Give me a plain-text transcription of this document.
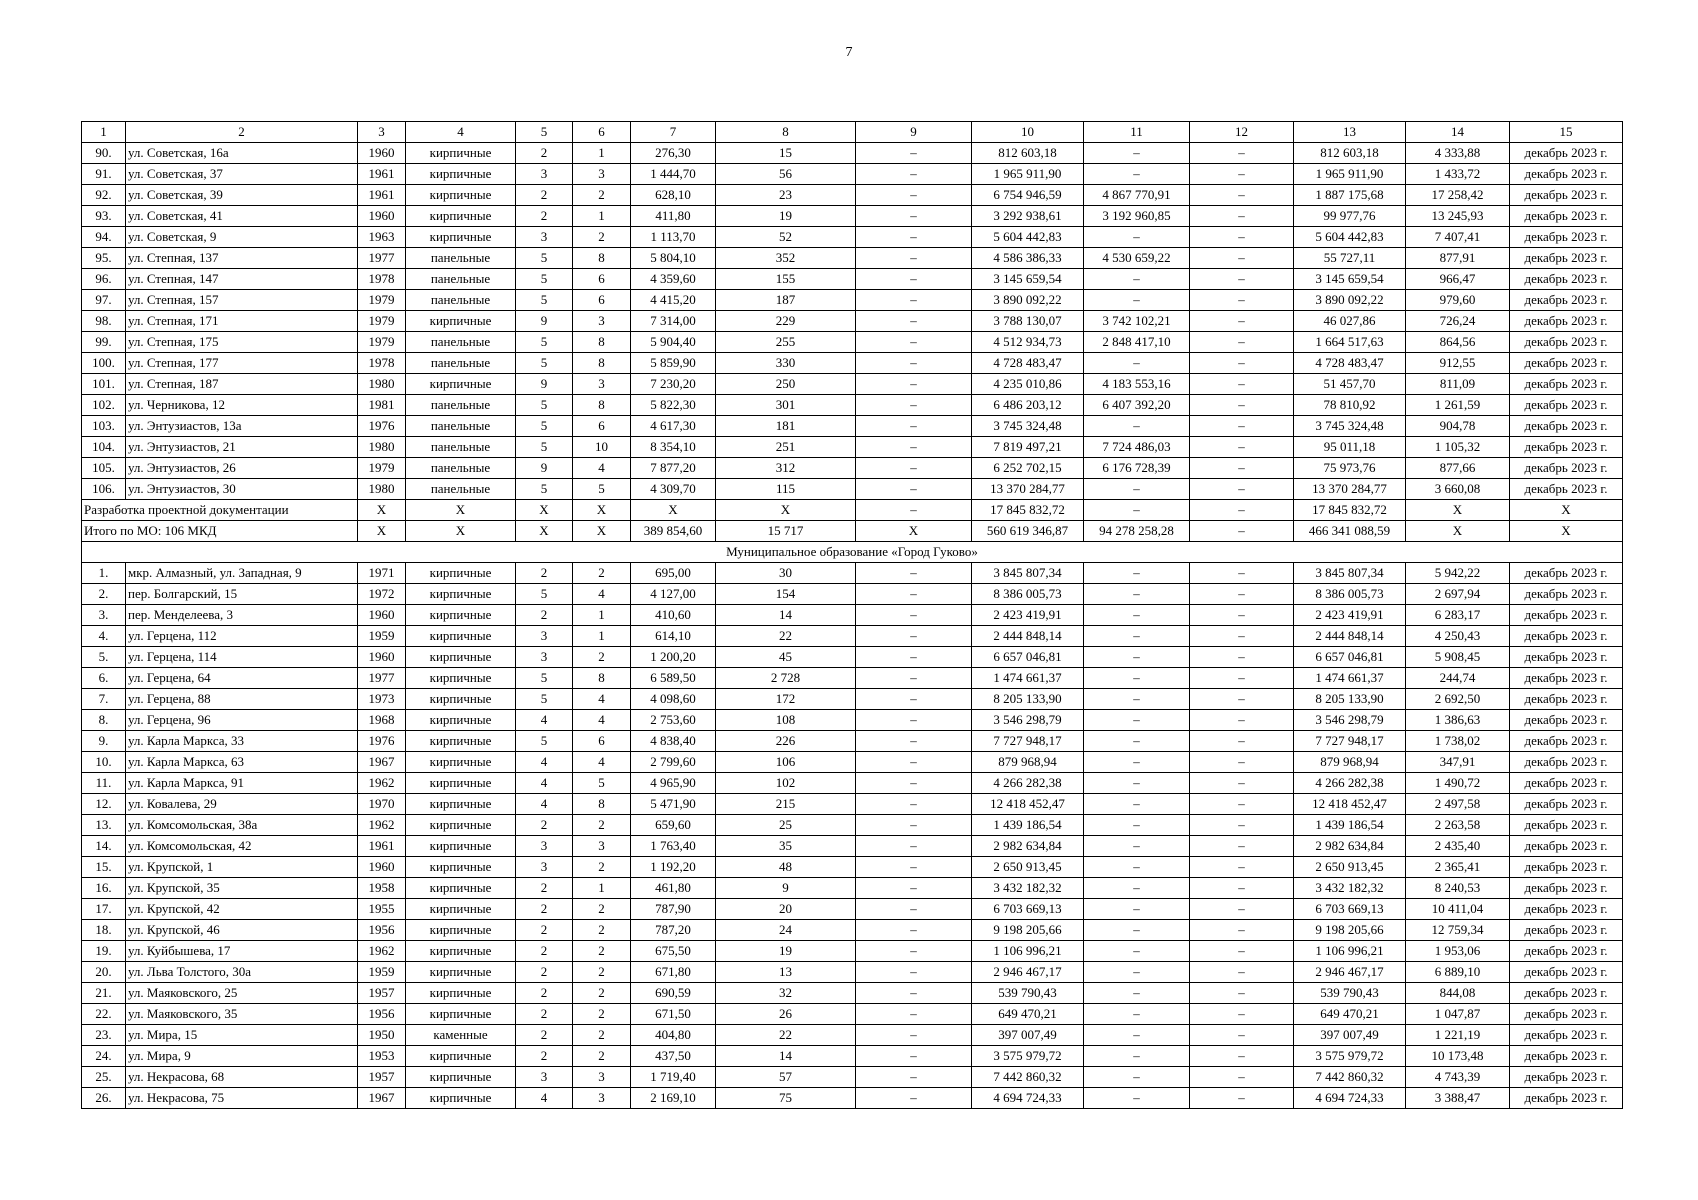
7
1	2	3	4	5	6	7	8	9	10	11	12	13	14	15
90.	ул. Советская, 16а	1960	кирпичные	2	1	276,30	15	–	812 603,18	–	–	812 603,18	4 333,88	декабрь 2023 г.
91.	ул. Советская, 37	1961	кирпичные	3	3	1 444,70	56	–	1 965 911,90	–	–	1 965 911,90	1 433,72	декабрь 2023 г.
92.	ул. Советская, 39	1961	кирпичные	2	2	628,10	23	–	6 754 946,59	4 867 770,91	–	1 887 175,68	17 258,42	декабрь 2023 г.
93.	ул. Советская, 41	1960	кирпичные	2	1	411,80	19	–	3 292 938,61	3 192 960,85	–	99 977,76	13 245,93	декабрь 2023 г.
94.	ул. Советская, 9	1963	кирпичные	3	2	1 113,70	52	–	5 604 442,83	–	–	5 604 442,83	7 407,41	декабрь 2023 г.
95.	ул. Степная, 137	1977	панельные	5	8	5 804,10	352	–	4 586 386,33	4 530 659,22	–	55 727,11	877,91	декабрь 2023 г.
96.	ул. Степная, 147	1978	панельные	5	6	4 359,60	155	–	3 145 659,54	–	–	3 145 659,54	966,47	декабрь 2023 г.
97.	ул. Степная, 157	1979	панельные	5	6	4 415,20	187	–	3 890 092,22	–	–	3 890 092,22	979,60	декабрь 2023 г.
98.	ул. Степная, 171	1979	кирпичные	9	3	7 314,00	229	–	3 788 130,07	3 742 102,21	–	46 027,86	726,24	декабрь 2023 г.
99.	ул. Степная, 175	1979	панельные	5	8	5 904,40	255	–	4 512 934,73	2 848 417,10	–	1 664 517,63	864,56	декабрь 2023 г.
100.	ул. Степная, 177	1978	панельные	5	8	5 859,90	330	–	4 728 483,47	–	–	4 728 483,47	912,55	декабрь 2023 г.
101.	ул. Степная, 187	1980	кирпичные	9	3	7 230,20	250	–	4 235 010,86	4 183 553,16	–	51 457,70	811,09	декабрь 2023 г.
102.	ул. Черникова, 12	1981	панельные	5	8	5 822,30	301	–	6 486 203,12	6 407 392,20	–	78 810,92	1 261,59	декабрь 2023 г.
103.	ул. Энтузиастов, 13а	1976	панельные	5	6	4 617,30	181	–	3 745 324,48	–	–	3 745 324,48	904,78	декабрь 2023 г.
104.	ул. Энтузиастов, 21	1980	панельные	5	10	8 354,10	251	–	7 819 497,21	7 724 486,03	–	95 011,18	1 105,32	декабрь 2023 г.
105.	ул. Энтузиастов, 26	1979	панельные	9	4	7 877,20	312	–	6 252 702,15	6 176 728,39	–	75 973,76	877,66	декабрь 2023 г.
106.	ул. Энтузиастов, 30	1980	панельные	5	5	4 309,70	115	–	13 370 284,77	–	–	13 370 284,77	3 660,08	декабрь 2023 г.
Разработка проектной документации		X	X	X	X	X	X	–	17 845 832,72	–	–	17 845 832,72	X	X
Итого по МО: 106 МКД		X	X	X	X	389 854,60	15 717	X	560 619 346,87	94 278 258,28	–	466 341 088,59	X	X
Муниципальное образование «Город Гуково»														
1.	мкр. Алмазный, ул. Западная, 9	1971	кирпичные	2	2	695,00	30	–	3 845 807,34	–	–	3 845 807,34	5 942,22	декабрь 2023 г.
2.	пер. Болгарский, 15	1972	кирпичные	5	4	4 127,00	154	–	8 386 005,73	–	–	8 386 005,73	2 697,94	декабрь 2023 г.
3.	пер. Менделеева, 3	1960	кирпичные	2	1	410,60	14	–	2 423 419,91	–	–	2 423 419,91	6 283,17	декабрь 2023 г.
4.	ул. Герцена, 112	1959	кирпичные	3	1	614,10	22	–	2 444 848,14	–	–	2 444 848,14	4 250,43	декабрь 2023 г.
5.	ул. Герцена, 114	1960	кирпичные	3	2	1 200,20	45	–	6 657 046,81	–	–	6 657 046,81	5 908,45	декабрь 2023 г.
6.	ул. Герцена, 64	1977	кирпичные	5	8	6 589,50	2 728	–	1 474 661,37	–	–	1 474 661,37	244,74	декабрь 2023 г.
7.	ул. Герцена, 88	1973	кирпичные	5	4	4 098,60	172	–	8 205 133,90	–	–	8 205 133,90	2 692,50	декабрь 2023 г.
8.	ул. Герцена, 96	1968	кирпичные	4	4	2 753,60	108	–	3 546 298,79	–	–	3 546 298,79	1 386,63	декабрь 2023 г.
9.	ул. Карла Маркса, 33	1976	кирпичные	5	6	4 838,40	226	–	7 727 948,17	–	–	7 727 948,17	1 738,02	декабрь 2023 г.
10.	ул. Карла Маркса, 63	1967	кирпичные	4	4	2 799,60	106	–	879 968,94	–	–	879 968,94	347,91	декабрь 2023 г.
11.	ул. Карла Маркса, 91	1962	кирпичные	4	5	4 965,90	102	–	4 266 282,38	–	–	4 266 282,38	1 490,72	декабрь 2023 г.
12.	ул. Ковалева, 29	1970	кирпичные	4	8	5 471,90	215	–	12 418 452,47	–	–	12 418 452,47	2 497,58	декабрь 2023 г.
13.	ул. Комсомольская, 38а	1962	кирпичные	2	2	659,60	25	–	1 439 186,54	–	–	1 439 186,54	2 263,58	декабрь 2023 г.
14.	ул. Комсомольская, 42	1961	кирпичные	3	3	1 763,40	35	–	2 982 634,84	–	–	2 982 634,84	2 435,40	декабрь 2023 г.
15.	ул. Крупской, 1	1960	кирпичные	3	2	1 192,20	48	–	2 650 913,45	–	–	2 650 913,45	2 365,41	декабрь 2023 г.
16.	ул. Крупской, 35	1958	кирпичные	2	1	461,80	9	–	3 432 182,32	–	–	3 432 182,32	8 240,53	декабрь 2023 г.
17.	ул. Крупской, 42	1955	кирпичные	2	2	787,90	20	–	6 703 669,13	–	–	6 703 669,13	10 411,04	декабрь 2023 г.
18.	ул. Крупской, 46	1956	кирпичные	2	2	787,20	24	–	9 198 205,66	–	–	9 198 205,66	12 759,34	декабрь 2023 г.
19.	ул. Куйбышева, 17	1962	кирпичные	2	2	675,50	19	–	1 106 996,21	–	–	1 106 996,21	1 953,06	декабрь 2023 г.
20.	ул. Льва Толстого, 30а	1959	кирпичные	2	2	671,80	13	–	2 946 467,17	–	–	2 946 467,17	6 889,10	декабрь 2023 г.
21.	ул. Маяковского, 25	1957	кирпичные	2	2	690,59	32	–	539 790,43	–	–	539 790,43	844,08	декабрь 2023 г.
22.	ул. Маяковского, 35	1956	кирпичные	2	2	671,50	26	–	649 470,21	–	–	649 470,21	1 047,87	декабрь 2023 г.
23.	ул. Мира, 15	1950	каменные	2	2	404,80	22	–	397 007,49	–	–	397 007,49	1 221,19	декабрь 2023 г.
24.	ул. Мира, 9	1953	кирпичные	2	2	437,50	14	–	3 575 979,72	–	–	3 575 979,72	10 173,48	декабрь 2023 г.
25.	ул. Некрасова, 68	1957	кирпичные	3	3	1 719,40	57	–	7 442 860,32	–	–	7 442 860,32	4 743,39	декабрь 2023 г.
26.	ул. Некрасова, 75	1967	кирпичные	4	3	2 169,10	75	–	4 694 724,33	–	–	4 694 724,33	3 388,47	декабрь 2023 г.
